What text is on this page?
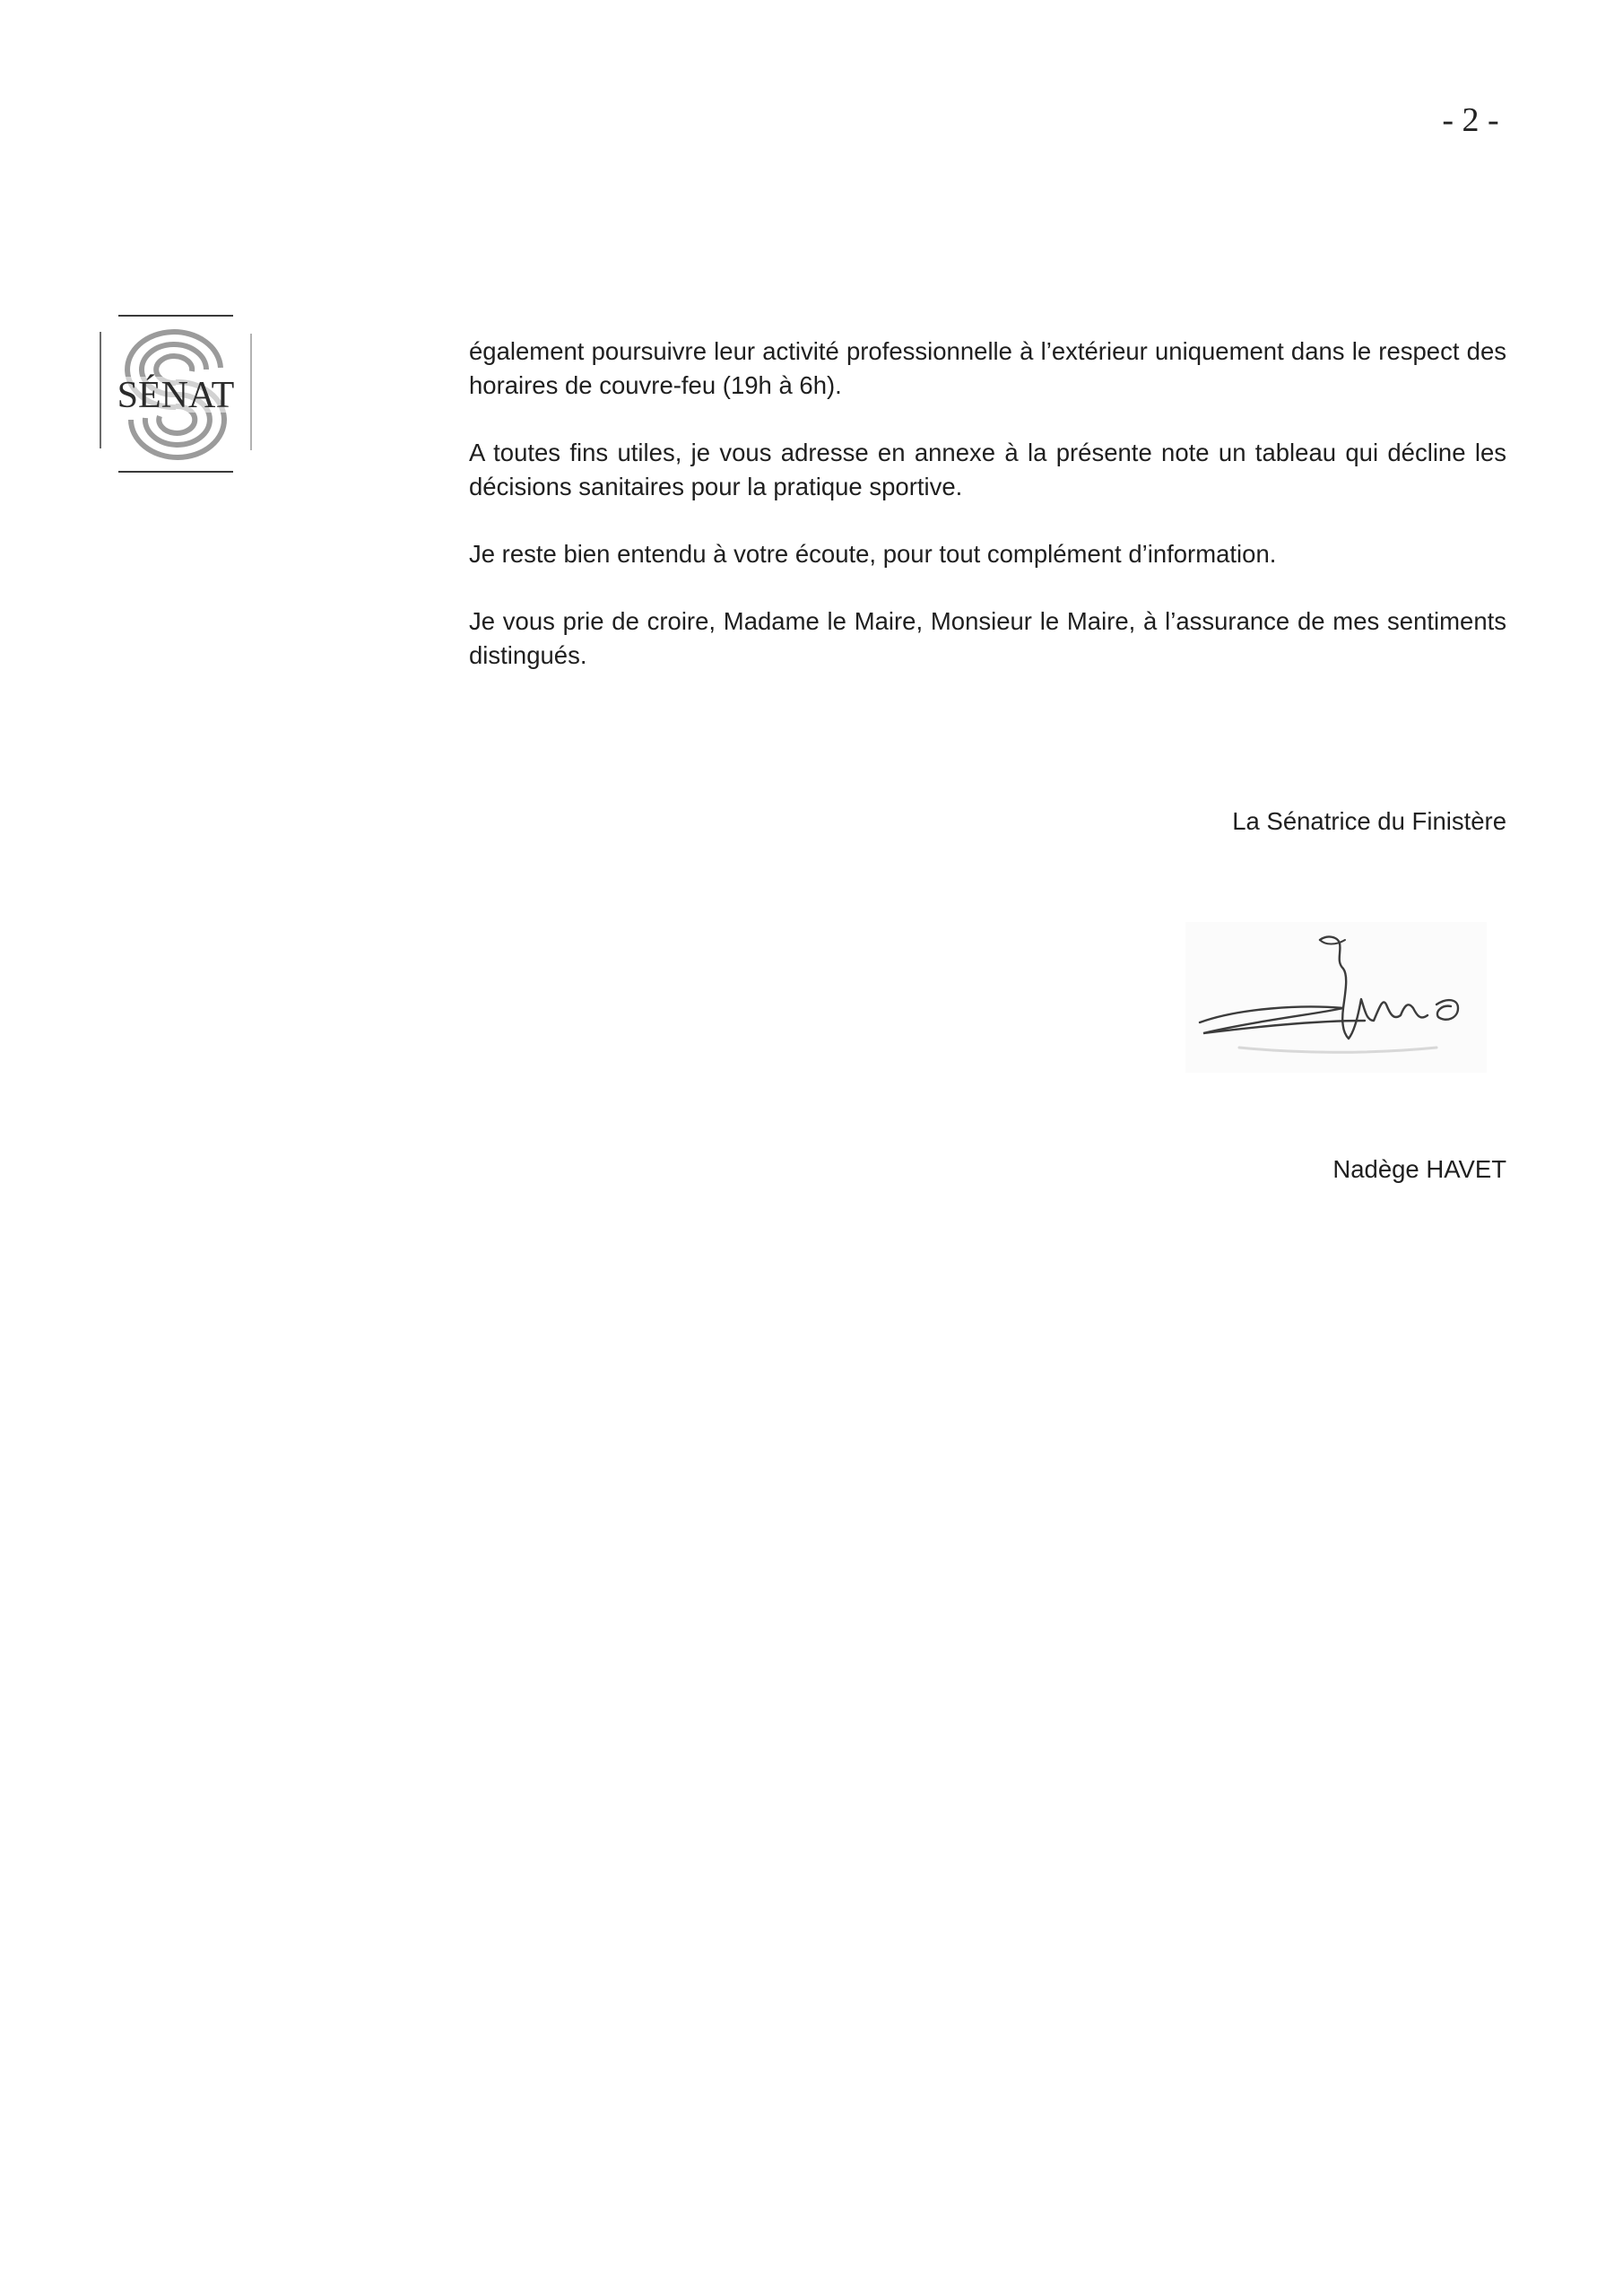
- 2 -
SÉNAT

également poursuivre leur activité professionnelle à l’extérieur uniquement dans le respect des horaires de couvre-feu (19h à 6h).

A toutes fins utiles, je vous adresse en annexe à la présente note un tableau qui décline les décisions sanitaires pour la pratique sportive.

Je reste bien entendu à votre écoute, pour tout complément d’information.

Je vous prie de croire, Madame le Maire, Monsieur le Maire, à l’assurance de mes sentiments distingués.

La Sénatrice du Finistère
Nadège HAVET
